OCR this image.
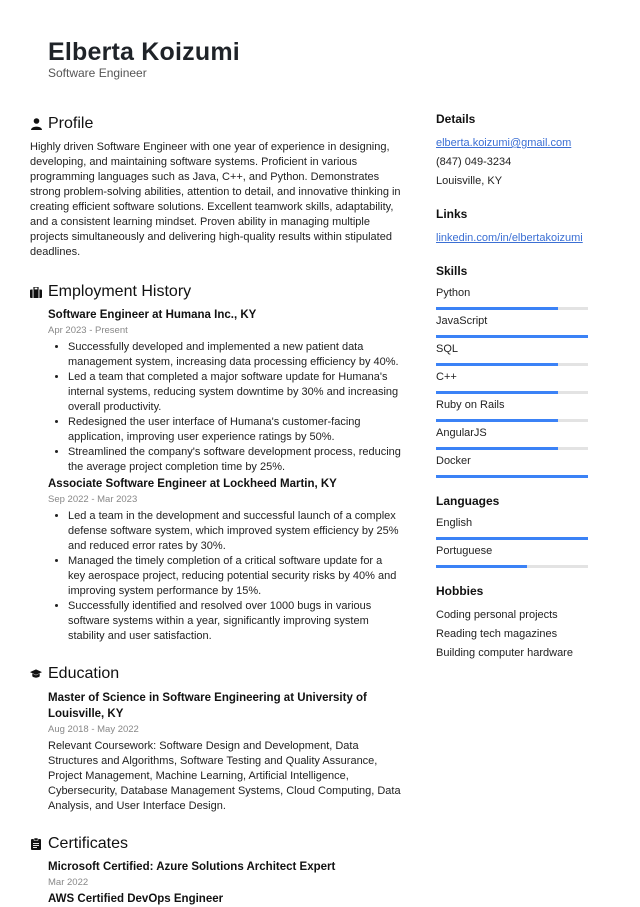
Elberta Koizumi
Software Engineer
Profile

Highly driven Software Engineer with one year of experience in designing, developing, and maintaining software systems. Proficient in various programming languages such as Java, C++, and Python. Demonstrates strong problem-solving abilities, attention to detail, and innovative thinking in creating efficient software solutions. Excellent teamwork skills, adaptability, and a consistent learning mindset. Proven ability in managing multiple projects simultaneously and delivering high-quality results within stipulated deadlines.

Employment History
Software Engineer at Humana Inc., KY
Apr 2023 - Present
• Successfully developed and implemented a new patient data management system, increasing data processing efficiency by 40%.
• Led a team that completed a major software update for Humana's internal systems, reducing system downtime by 30% and increasing overall productivity.
• Redesigned the user interface of Humana's customer-facing application, improving user experience ratings by 50%.
• Streamlined the company's software development process, reducing the average project completion time by 25%.
Associate Software Engineer at Lockheed Martin, KY
Sep 2022 - Mar 2023
• Led a team in the development and successful launch of a complex defense software system, which improved system efficiency by 25% and reduced error rates by 30%.
• Managed the timely completion of a critical software update for a key aerospace project, reducing potential security risks by 40% and improving system performance by 15%.
• Successfully identified and resolved over 1000 bugs in various software systems within a year, significantly improving system stability and user satisfaction.
Education
Master of Science in Software Engineering at University of Louisville, KY
Aug 2018 - May 2022

Relevant Coursework: Software Design and Development, Data Structures and Algorithms, Software Testing and Quality Assurance, Project Management, Machine Learning, Artificial Intelligence, Cybersecurity, Database Management Systems, Cloud Computing, Data Analysis, and User Interface Design.

Certificates
Microsoft Certified: Azure Solutions Architect Expert
Mar 2022
AWS Certified DevOps Engineer
Details
elberta.koizumi@gmail.com
(847) 049-3234
Louisville, KY
Links
linkedin.com/in/elbertakoizumi
Skills
Python
JavaScript
SQL
C++
Ruby on Rails
AngularJS
Docker
Languages
English
Portuguese
Hobbies
Coding personal projects
Reading tech magazines
Building computer hardware
